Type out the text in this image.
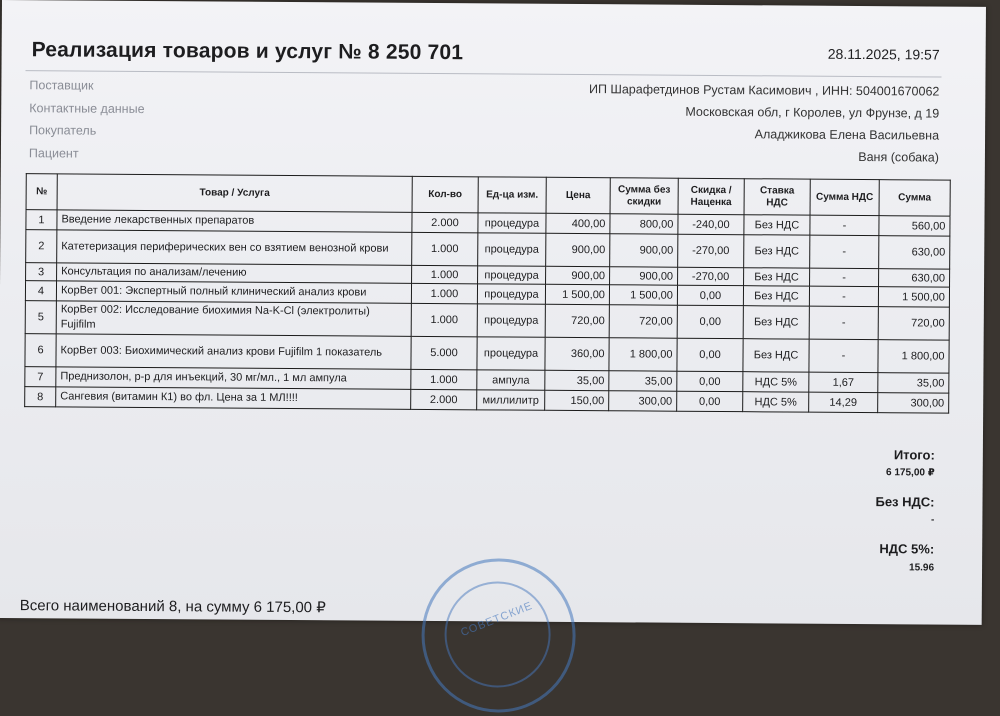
Реализация товаров и услуг № 8 250 701	28.11.2025, 19:57
Поставщик	ИП Шарафетдинов Рустам Касимович , ИНН: 504001670062
Контактные данные	Московская обл, г Королев, ул Фрунзе, д 19
Покупатель	Аладжикова Елена Васильевна
Пациент	Ваня (собака)
№	Товар / Услуга	Кол-во	Ед-ца изм.	Цена	Сумма без скидки	Скидка / Наценка	Ставка НДС	Сумма НДС	Сумма
1	Введение лекарственных препаратов	2.000	процедура	400,00	800,00	-240,00	Без НДС	-	560,00
2	Катетеризация периферических вен со взятием венозной крови	1.000	процедура	900,00	900,00	-270,00	Без НДС	-	630,00
3	Консультация по анализам/лечению	1.000	процедура	900,00	900,00	-270,00	Без НДС	-	630,00
4	КорВет 001: Экспертный полный клинический анализ крови	1.000	процедура	1 500,00	1 500,00	0,00	Без НДС	-	1 500,00
5	КорВет 002: Исследование биохимия Na-K-Cl (электролиты) Fujifilm	1.000	процедура	720,00	720,00	0,00	Без НДС	-	720,00
6	КорВет 003: Биохимический анализ крови Fujifilm 1 показатель	5.000	процедура	360,00	1 800,00	0,00	Без НДС	-	1 800,00
7	Преднизолон, р-р для инъекций, 30 мг/мл., 1 мл ампула	1.000	ампула	35,00	35,00	0,00	НДС 5%	1,67	35,00
8	Сангевия (витамин К1) во фл. Цена за 1 МЛ!!!!	2.000	миллилитр	150,00	300,00	0,00	НДС 5%	14,29	300,00
Итого:
6 175,00 ₽
Без НДС:
-
НДС 5%:
15.96
СОВЕТСКИЕ
Всего наименований 8, на сумму 6 175,00 ₽
